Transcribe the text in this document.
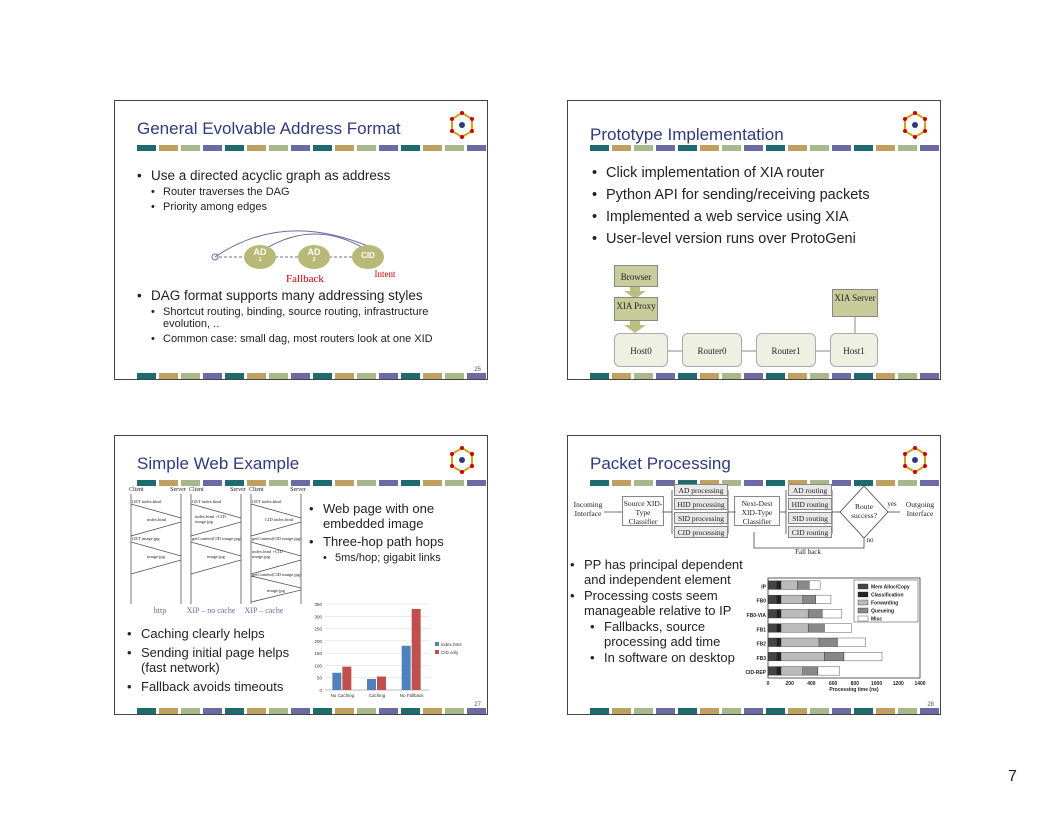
General Evolvable Address Format
• Use a directed acyclic graph as address
• Router traverses the DAG
• Priority among edges
AD
1
AD
2	CID
Fallback	Intent
• DAG format supports many addressing styles
• Shortcut routing, binding, source routing, infrastructure evolution, ..
• Common case: small dag, most routers look at one XID
25
Prototype Implementation
• Click implementation of XIA router
• Python API for sending/receiving packets
• Implemented a web service using XIA
• User-level version runs over ProtoGeni
Browser
XIA Proxy
XIA Server
Host0	Router0	Router1	Host1
Simple Web Example
Client	Server Client	Server Client	Server
GET index.html
index.html
GET image.jpg
image.jpg
GET index.html
index.html +CID image.jpg
getContent(CID image.jpg)
image.jpg
GET index.html
CID index.html
getContent(CID image.jpg)
index.html +CID image.jpg
getContent(CID image.jpg)
image.jpg
http	XIP – no cache	XIP – cache
• Web page with one embedded image
• Three-hop path hops
• 5ms/hop; gigabit links
• Caching clearly helps
• Sending initial page helps (fast network)
• Fallback avoids timeouts	0
50
100
150
200
250
300
350
No Caching	Caching	No Fallback
index.html
CID only
27
Packet Processing
Incoming Interface
Source XID-Type Classifier
AD processing
HID processing
SID processing
CID processing
Next-Dest XID-Type Classifier
AD routing
HID routing
SID routing
CID routing
Route success?
yes
no
Outgoing Interface
Fall back
• PP has principal dependent and independent element
• Processing costs seem manageable relative to IP
• Fallbacks, source processing add time
• In software on desktop
IP
FB0
FB0-VIA
FB1
FB2
FB3
CID-REP
0	200	400	600	800 1000 1200 1400
Processing time (ns)
Mem Alloc/Copy
Classification
Forwarding
Queueing
Misc
28
7
